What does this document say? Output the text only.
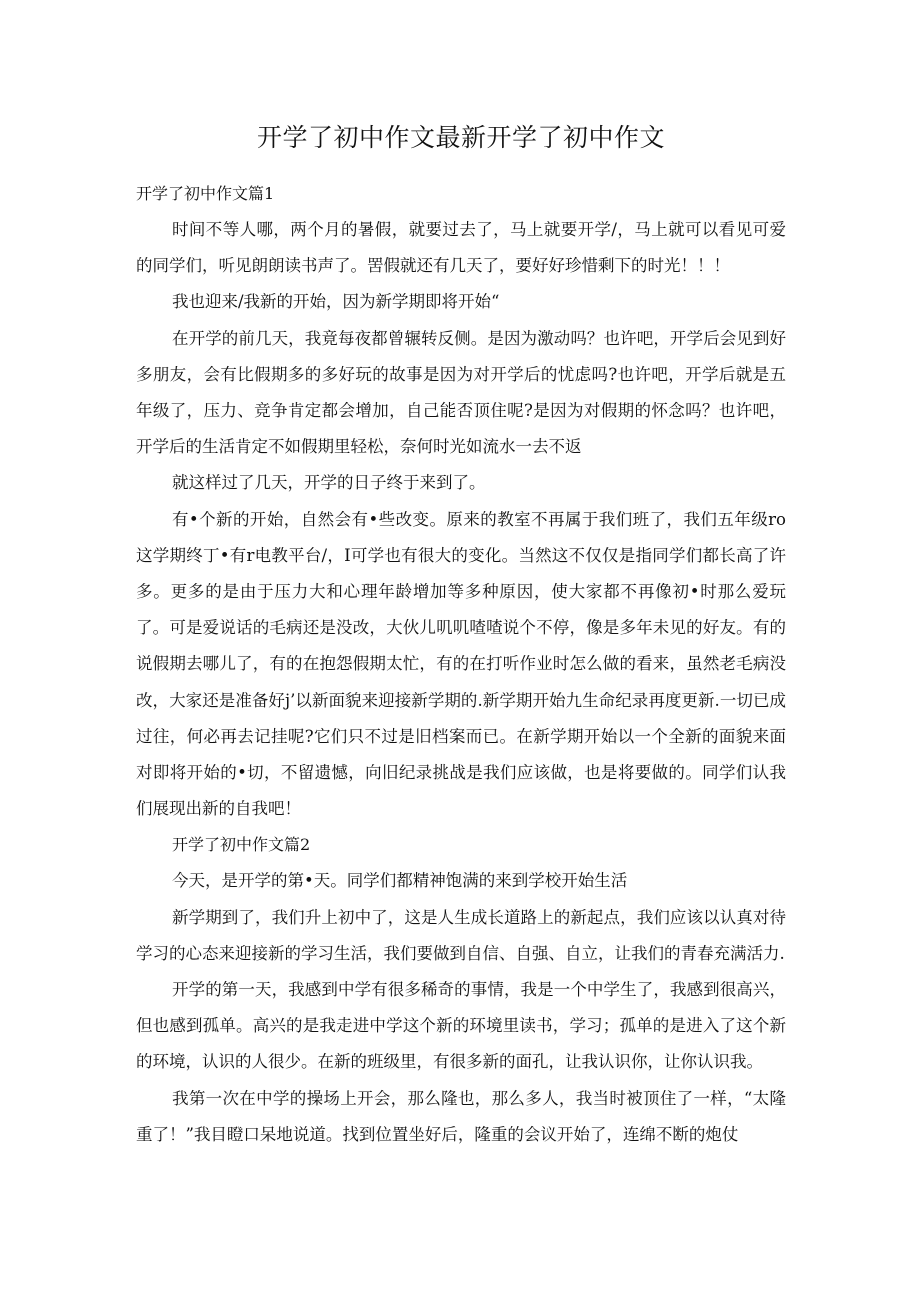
开学了初中作文最新开学了初中作文

开学了初中作文篇1

时间不等人哪，两个月的暑假，就要过去了，马上就要开学/，马上就可以看见可爱的同学们，听见朗朗读书声了。罟假就还有几天了，要好好珍惜剩下的时光！！！

我也迎来/我新的开始，因为新学期即将开始“

在开学的前几天，我竟每夜都曾辗转反侧。是因为激动吗？也许吧，开学后会见到好多朋友，会有比假期多的多好玩的故事是因为对开学后的忧虑吗?也许吧，开学后就是五年级了，压力、竞争肯定都会增加，自己能否顶住呢?是因为对假期的怀念吗？也许吧，开学后的生活肯定不如假期里轻松，奈何时光如流水一去不返

就这样过了几天，开学的日子终于来到了。

有•个新的开始，自然会有•些改变。原来的教室不再属于我们班了，我们五年级ro这学期终丁•有r电教平台/，I可学也有很大的变化。当然这不仅仅是指同学们都长高了许多。更多的是由于压力大和心理年龄增加等多种原因，使大家都不再像初•时那么爱玩了。可是爱说话的毛病还是没改，大伙儿叽叽喳喳说个不停，像是多年未见的好友。有的说假期去哪儿了，有的在抱怨假期太忙，有的在打听作业时怎么做的看来，虽然老毛病没改，大家还是准备好j’以新面貌来迎接新学期的.新学期开始九生命纪录再度更新.一切已成过往，何必再去记挂呢?它们只不过是旧档案而已。在新学期开始以一个全新的面貌来面对即将开始的•切，不留遗憾，向旧纪录挑战是我们应该做，也是将要做的。同学们认我们展现出新的自我吧！

开学了初中作文篇2

今天，是开学的第•天。同学们都精神饱满的来到学校开始生活

新学期到了，我们升上初中了，这是人生成长道路上的新起点，我们应该以认真对待学习的心态来迎接新的学习生活，我们要做到自信、自强、自立，让我们的青春充满活力.

开学的第一天，我感到中学有很多稀奇的事情，我是一个中学生了，我感到很高兴，但也感到孤单。高兴的是我走进中学这个新的环境里读书，学习；孤单的是进入了这个新的环境，认识的人很少。在新的班级里，有很多新的面孔，让我认识你，让你认识我。

我第一次在中学的操场上开会，那么隆也，那么多人，我当时被顶住了一样，“太隆重了！”我目瞪口呆地说道。找到位置坐好后，隆重的会议开始了，连绵不断的炮仗
